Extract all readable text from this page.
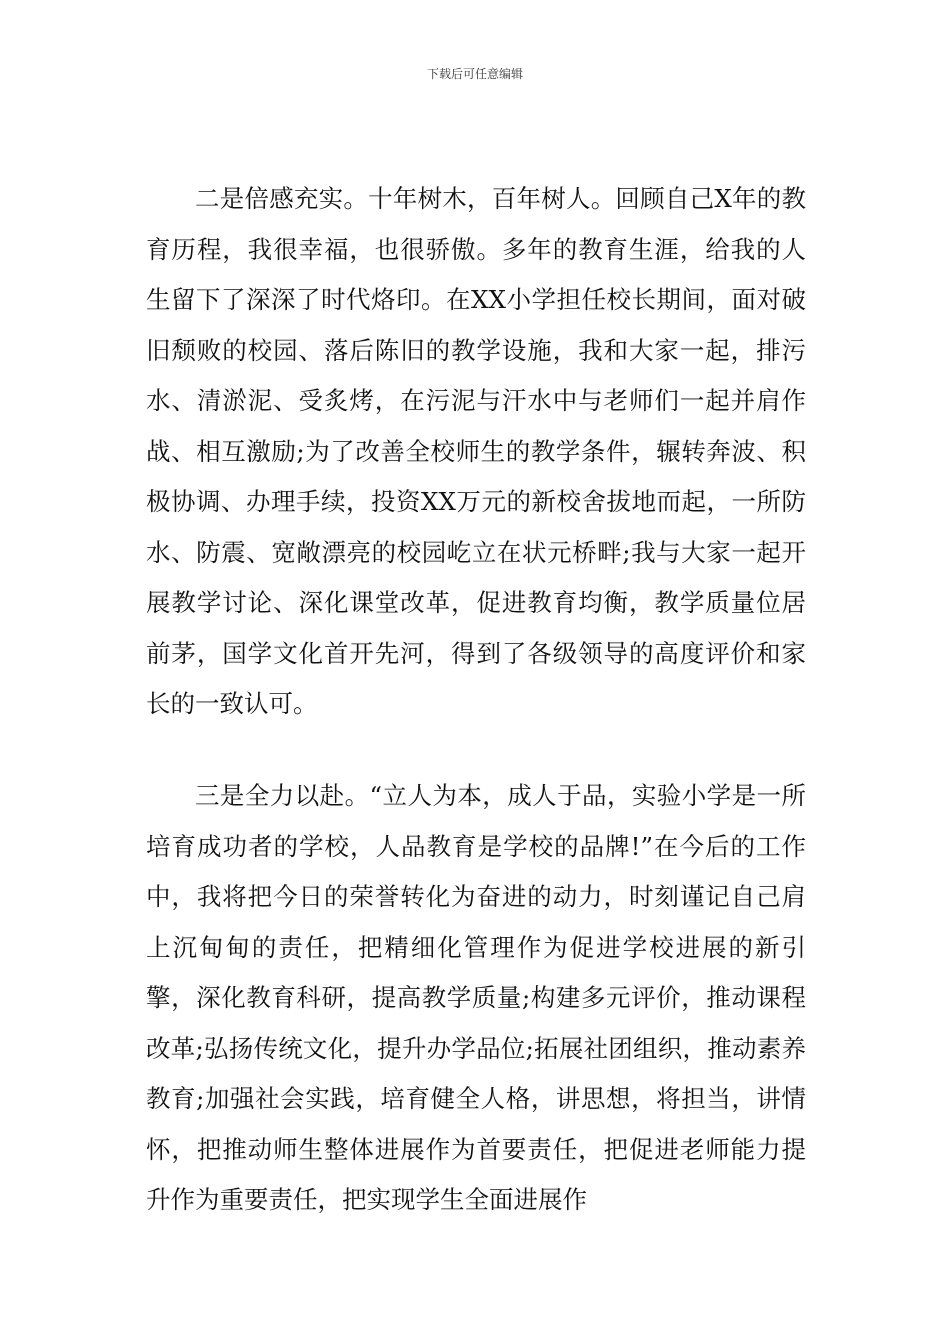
下载后可任意编辑

二是倍感充实。十年树木，百年树人。回顾自己X年的教育历程，我很幸福，也很骄傲。多年的教育生涯，给我的人生留下了深深了时代烙印。在XX小学担任校长期间，面对破旧颓败的校园、落后陈旧的教学设施，我和大家一起，排污水、清淤泥、受炙烤，在污泥与汗水中与老师们一起并肩作战、相互激励;为了改善全校师生的教学条件，辗转奔波、积极协调、办理手续，投资XX万元的新校舍拔地而起，一所防水、防震、宽敞漂亮的校园屹立在状元桥畔;我与大家一起开展教学讨论、深化课堂改革，促进教育均衡，教学质量位居前茅，国学文化首开先河，得到了各级领导的高度评价和家长的一致认可。

三是全力以赴。“立人为本，成人于品，实验小学是一所培育成功者的学校，人品教育是学校的品牌!”在今后的工作中，我将把今日的荣誉转化为奋进的动力，时刻谨记自己肩上沉甸甸的责任，把精细化管理作为促进学校进展的新引擎，深化教育科研，提高教学质量;构建多元评价，推动课程改革;弘扬传统文化，提升办学品位;拓展社团组织，推动素养教育;加强社会实践，培育健全人格，讲思想，将担当，讲情怀，把推动师生整体进展作为首要责任，把促进老师能力提升作为重要责任，把实现学生全面进展作
